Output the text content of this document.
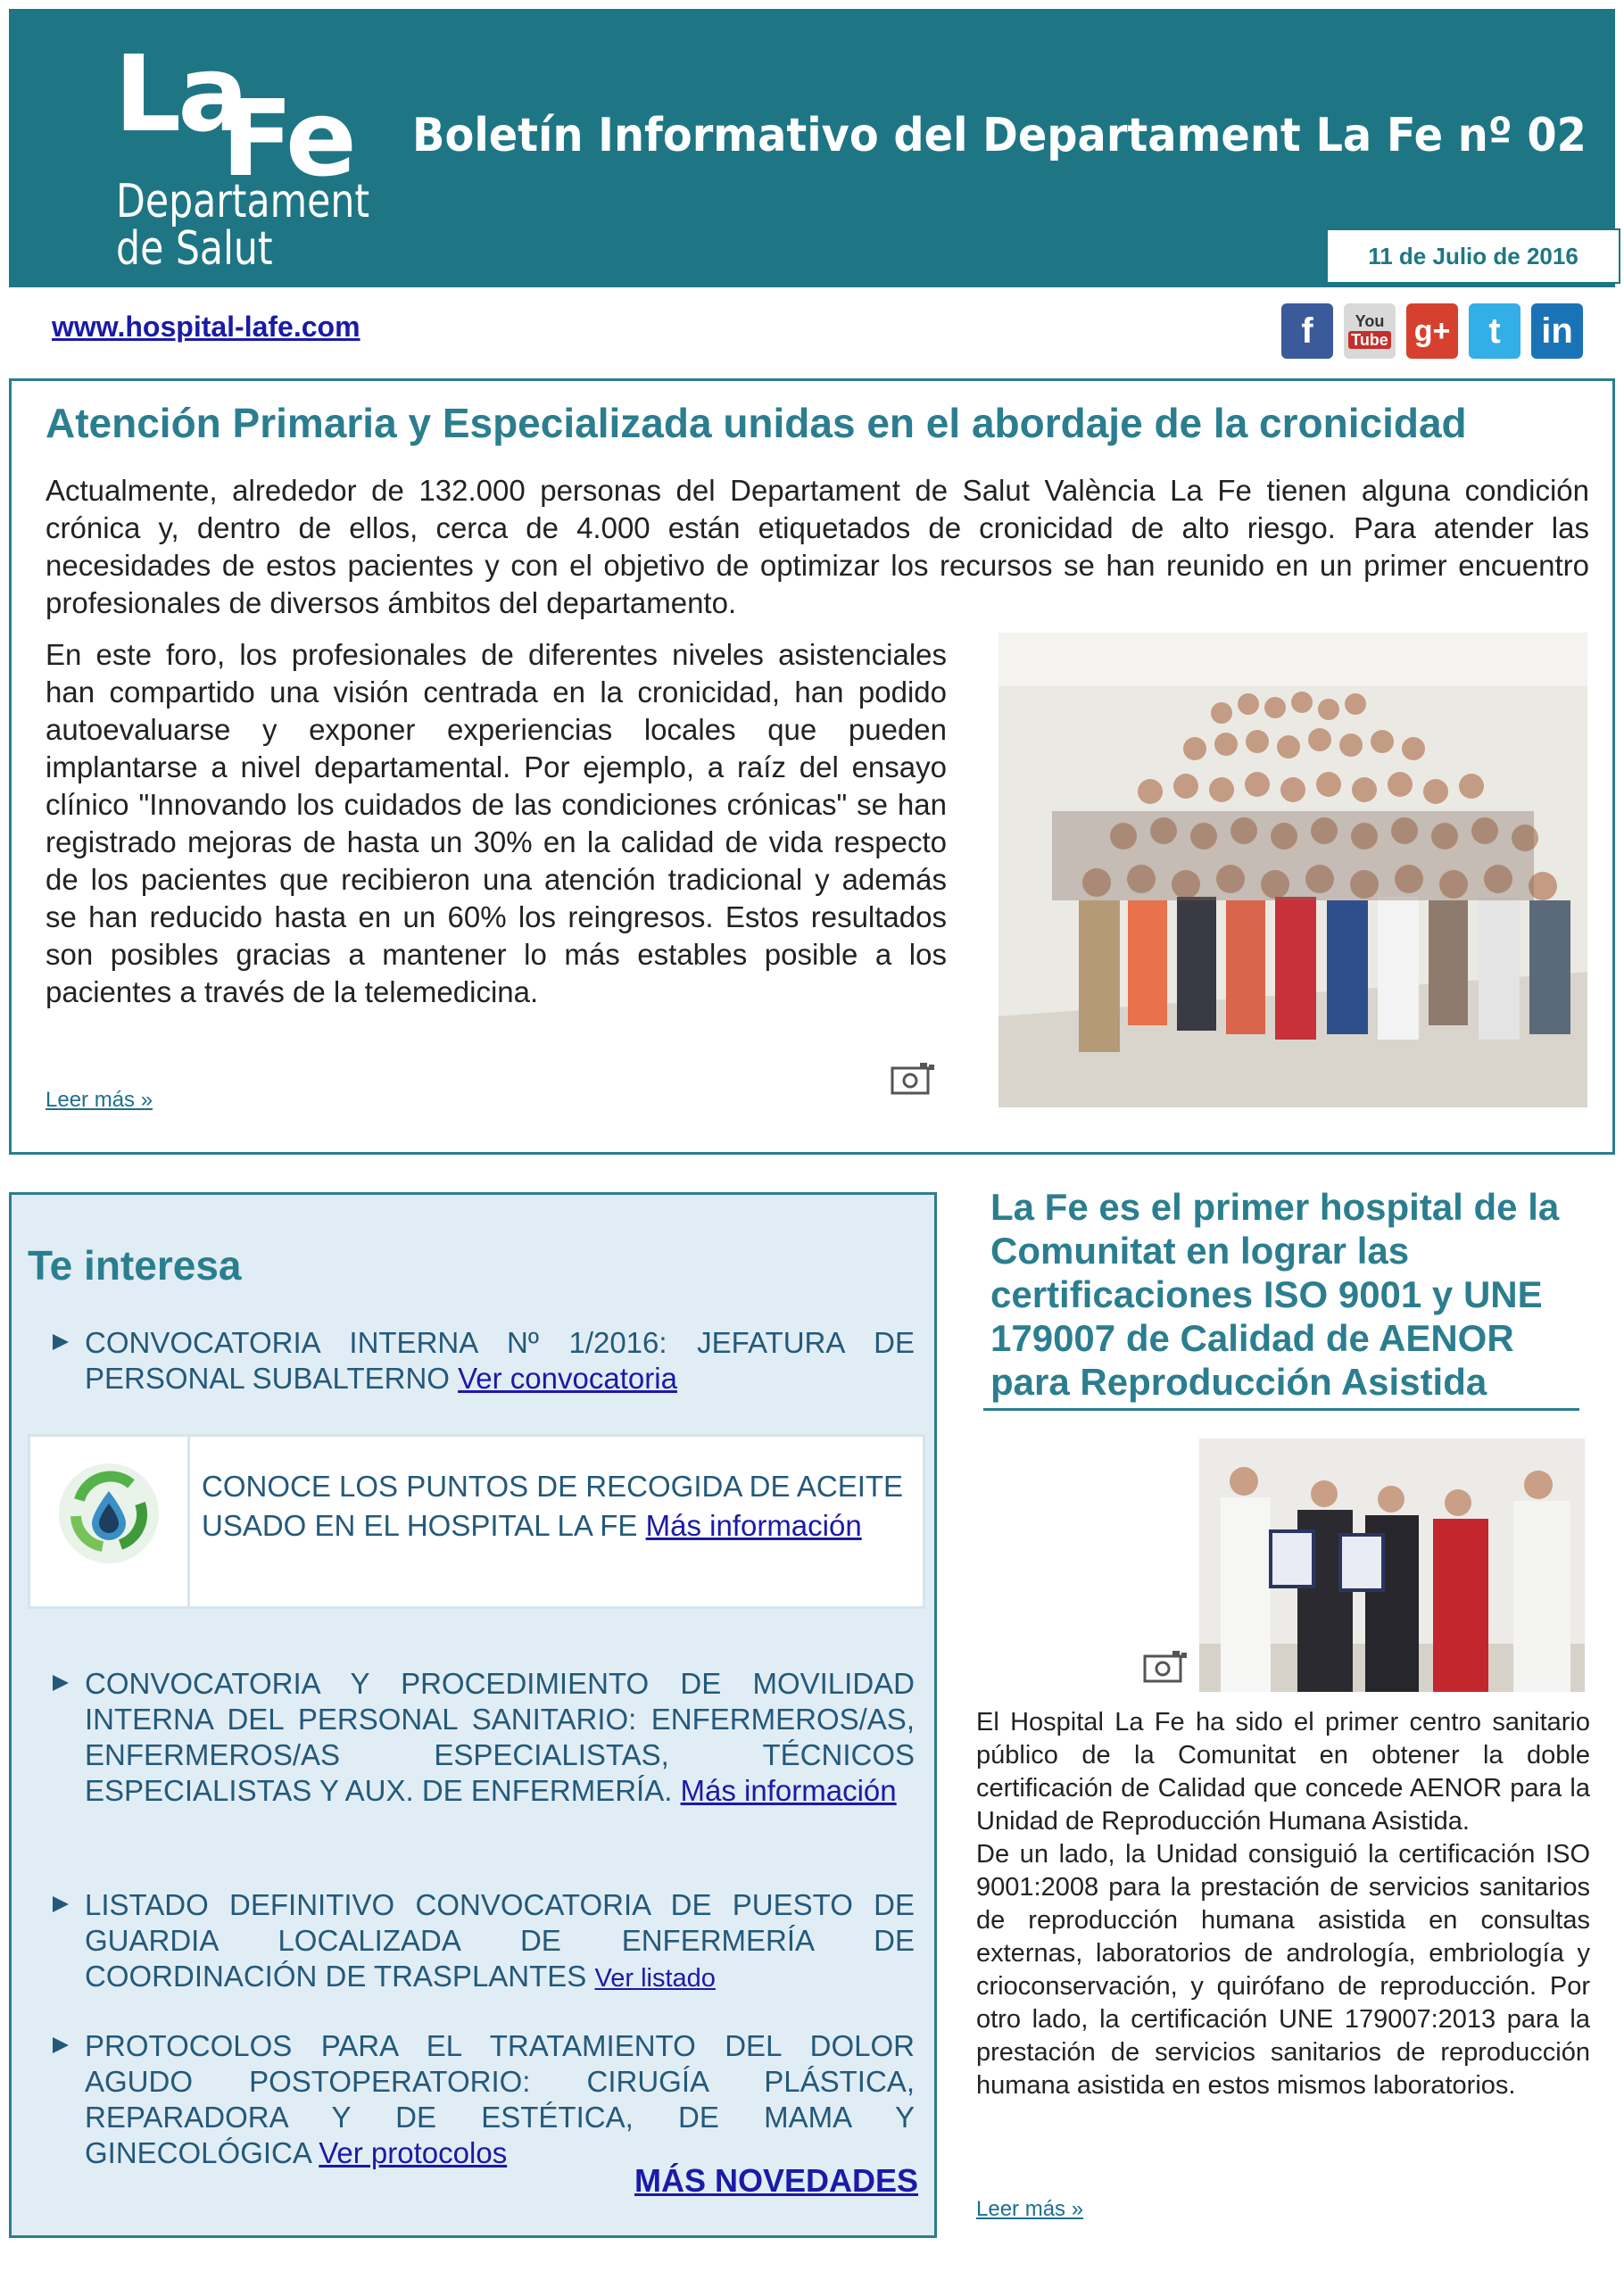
La
Fe
Departament
de Salut
Boletín Informativo del Departament La Fe nº 02
11 de Julio de 2016
www.hospital-lafe.com	f	You
Tube g+ t in
Atención Primaria y Especializada unidas en el abordaje de la cronicidad

Actualmente, alrededor de 132.000 personas del Departament de Salut València La Fe tienen alguna condición crónica y, dentro de ellos, cerca de 4.000 están etiquetados de cronicidad de alto riesgo. Para atender las necesidades de estos pacientes y con el objetivo de optimizar los recursos se han reunido en un primer encuentro profesionales de diversos ámbitos del departamento.

En este foro, los profesionales de diferentes niveles asistenciales han compartido una visión centrada en la cronicidad, han podido autoevaluarse y exponer experiencias locales que pueden implantarse a nivel departamental. Por ejemplo, a raíz del ensayo clínico "Innovando los cuidados de las condiciones crónicas" se han registrado mejoras de hasta un 30% en la calidad de vida respecto de los pacientes que recibieron una atención tradicional y además se han reducido hasta en un 60% los reingresos. Estos resultados son posibles gracias a mantener lo más estables posible a los pacientes a través de la telemedicina.

Leer más »
Te interesa
CONVOCATORIA INTERNA Nº 1/2016: JEFATURA DE PERSONAL SUBALTERNO Ver convocatoria
CONOCE LOS PUNTOS DE RECOGIDA DE ACEITE USADO EN EL HOSPITAL LA FE Más información
CONVOCATORIA Y PROCEDIMIENTO DE MOVILIDAD INTERNA DEL PERSONAL SANITARIO: ENFERMEROS/AS, ENFERMEROS/AS ESPECIALISTAS, TÉCNICOS ESPECIALISTAS Y AUX. DE ENFERMERÍA. Más información
LISTADO DEFINITIVO CONVOCATORIA DE PUESTO DE GUARDIA LOCALIZADA DE ENFERMERÍA DE COORDINACIÓN DE TRASPLANTES Ver listado
PROTOCOLOS PARA EL TRATAMIENTO DEL DOLOR AGUDO POSTOPERATORIO: CIRUGÍA PLÁSTICA, REPARADORA Y DE ESTÉTICA, DE MAMA Y GINECOLÓGICA Ver protocolos
MÁS NOVEDADES
La Fe es el primer hospital de la Comunitat en lograr las certificaciones ISO 9001 y UNE 179007 de Calidad de AENOR para Reproducción Asistida
El Hospital La Fe ha sido el primer centro sanitario público de la Comunitat en obtener la doble certificación de Calidad que concede AENOR para la Unidad de Reproducción Humana Asistida.
De un lado, la Unidad consiguió la certificación ISO 9001:2008 para la prestación de servicios sanitarios de reproducción humana asistida en consultas externas, laboratorios de andrología, embriología y crioconservación, y quirófano de reproducción. Por otro lado, la certificación UNE 179007:2013 para la prestación de servicios sanitarios de reproducción humana asistida en estos mismos laboratorios.
Leer más »
